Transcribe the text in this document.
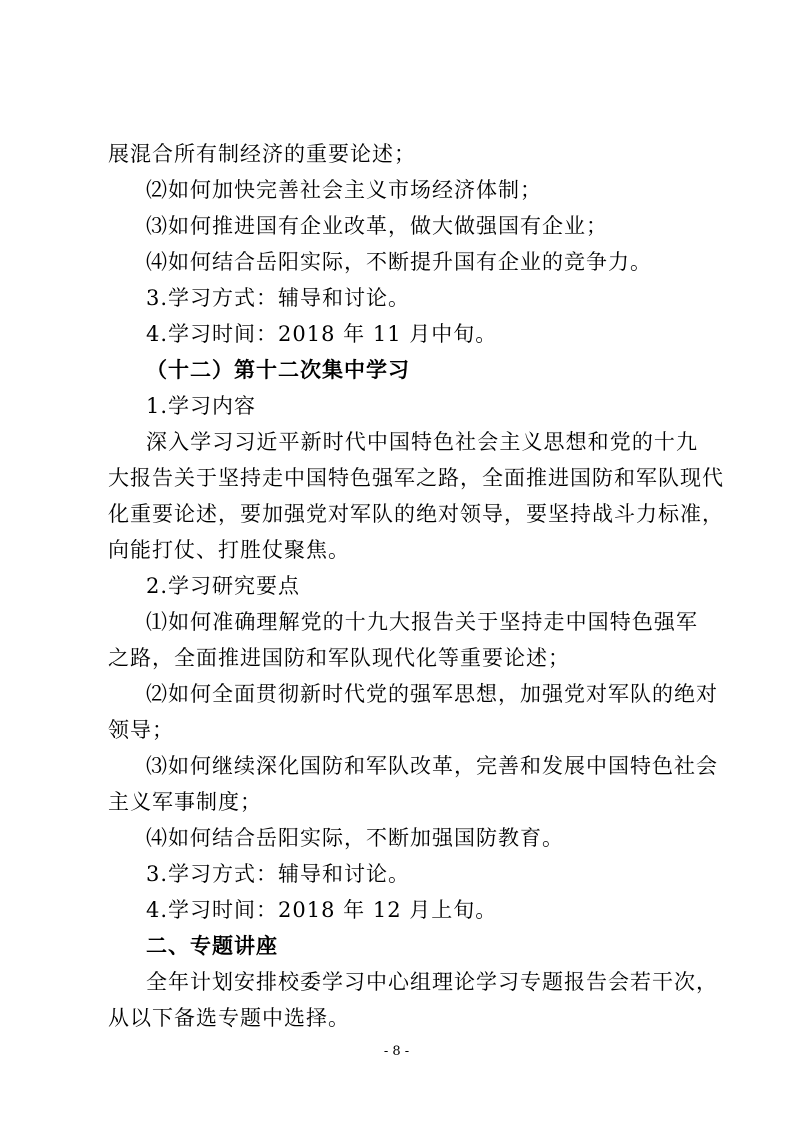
展混合所有制经济的重要论述；
⑵如何加快完善社会主义市场经济体制；
⑶如何推进国有企业改革，做大做强国有企业；
⑷如何结合岳阳实际，不断提升国有企业的竞争力。
3.学习方式：辅导和讨论。
4.学习时间：2018 年 11 月中旬。
（十二）第十二次集中学习
1.学习内容
深入学习习近平新时代中国特色社会主义思想和党的十九
大报告关于坚持走中国特色强军之路，全面推进国防和军队现代
化重要论述，要加强党对军队的绝对领导，要坚持战斗力标准，
向能打仗、打胜仗聚焦。
2.学习研究要点
⑴如何准确理解党的十九大报告关于坚持走中国特色强军
之路，全面推进国防和军队现代化等重要论述；
⑵如何全面贯彻新时代党的强军思想，加强党对军队的绝对
领导；
⑶如何继续深化国防和军队改革，完善和发展中国特色社会
主义军事制度；
⑷如何结合岳阳实际，不断加强国防教育。
3.学习方式：辅导和讨论。
4.学习时间：2018 年 12 月上旬。
二、专题讲座
全年计划安排校委学习中心组理论学习专题报告会若干次，
从以下备选专题中选择。
- 8 -
